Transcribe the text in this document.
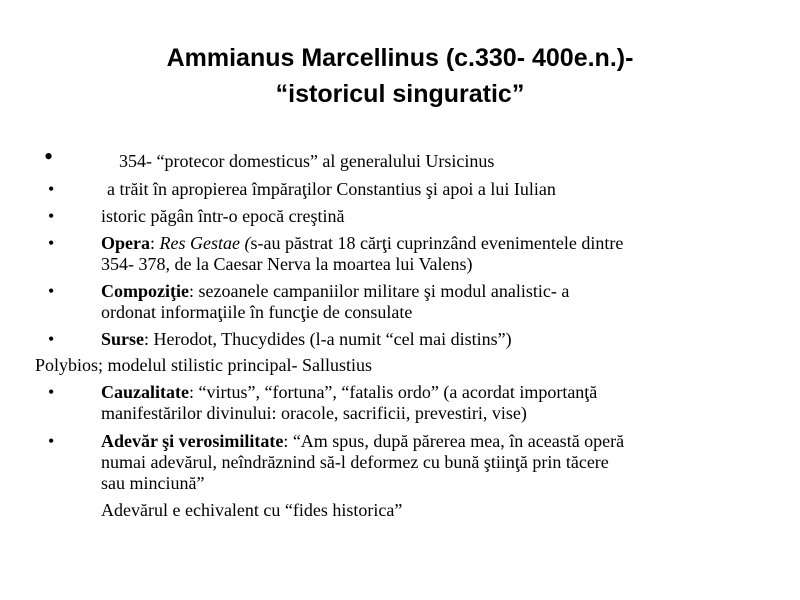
Ammianus Marcellinus (c.330- 400e.n.)-
“istoricul singuratic”
•	354- “protecor domesticus” al generalului Ursicinus
•	a trăit în apropierea împăraţilor Constantius şi apoi a lui Iulian
•	istoric păgân într-o epocă creştină
•	Opera: Res Gestae (s-au păstrat 18 cărţi cuprinzând evenimentele dintre
354- 378, de la Caesar Nerva la moartea lui Valens)
•	Compoziţie: sezoanele campaniilor militare şi modul analistic- a
ordonat informaţiile în funcţie de consulate
•	Surse: Herodot, Thucydides (l-a numit “cel mai distins”)
Polybios; modelul stilistic principal- Sallustius
•	Cauzalitate: “virtus”, “fortuna”, “fatalis ordo” (a acordat importanţă
manifestărilor divinului: oracole, sacrificii, prevestiri, vise)
•	Adevăr şi verosimilitate: “Am spus, după părerea mea, în această operă
numai adevărul, neîndrăznind să-l deformez cu bună ştiinţă prin tăcere
sau minciună”
Adevărul e echivalent cu “fides historica”
